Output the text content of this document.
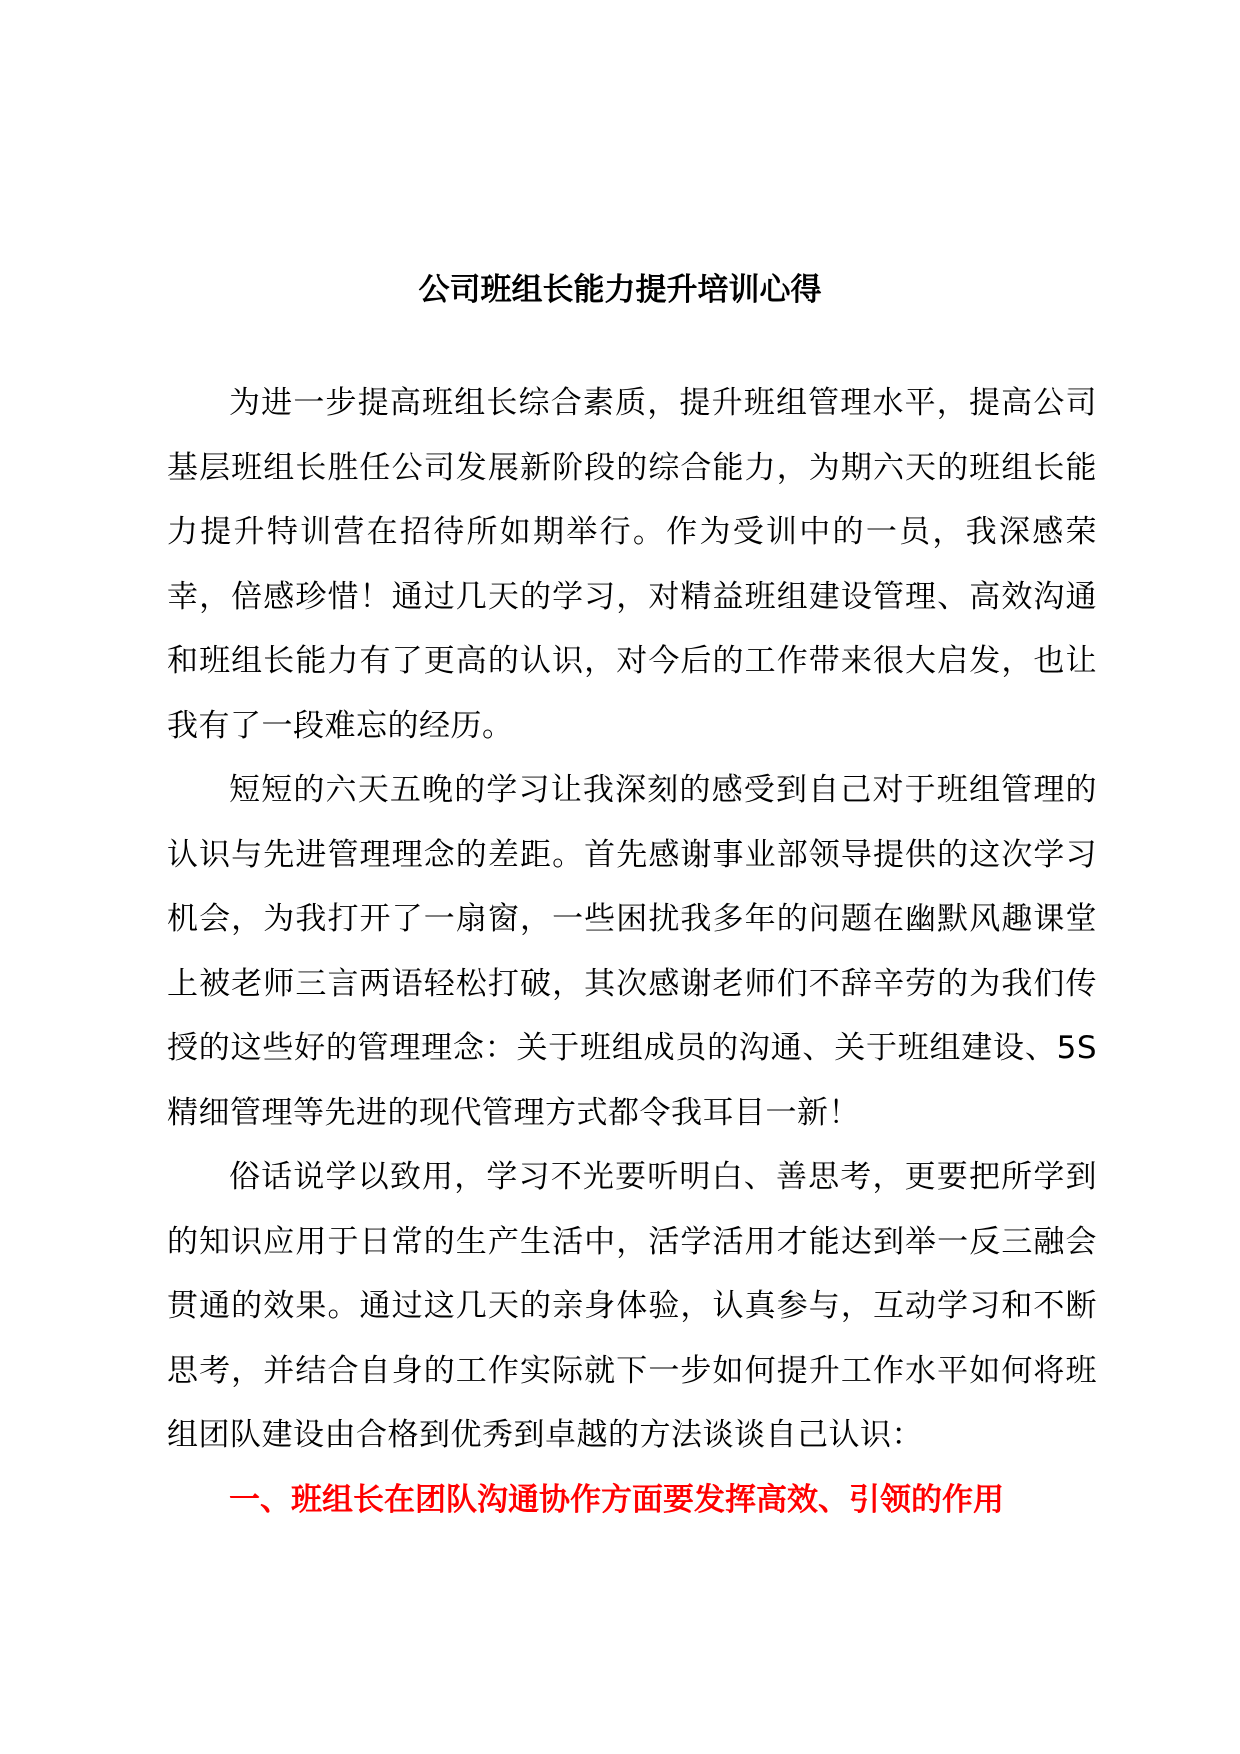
公司班组长能力提升培训心得

为进一步提高班组长综合素质，提升班组管理水平，提高公司基层班组长胜任公司发展新阶段的综合能力，为期六天的班组长能力提升特训营在招待所如期举行。作为受训中的一员，我深感荣幸，倍感珍惜！通过几天的学习，对精益班组建设管理、高效沟通和班组长能力有了更高的认识，对今后的工作带来很大启发，也让我有了一段难忘的经历。

短短的六天五晚的学习让我深刻的感受到自己对于班组管理的认识与先进管理理念的差距。首先感谢事业部领导提供的这次学习机会，为我打开了一扇窗，一些困扰我多年的问题在幽默风趣课堂上被老师三言两语轻松打破，其次感谢老师们不辞辛劳的为我们传授的这些好的管理理念：关于班组成员的沟通、关于班组建设、5S精细管理等先进的现代管理方式都令我耳目一新！

俗话说学以致用，学习不光要听明白、善思考，更要把所学到的知识应用于日常的生产生活中，活学活用才能达到举一反三融会贯通的效果。通过这几天的亲身体验，认真参与，互动学习和不断思考，并结合自身的工作实际就下一步如何提升工作水平如何将班组团队建设由合格到优秀到卓越的方法谈谈自己认识：

一、班组长在团队沟通协作方面要发挥高效、引领的作用
